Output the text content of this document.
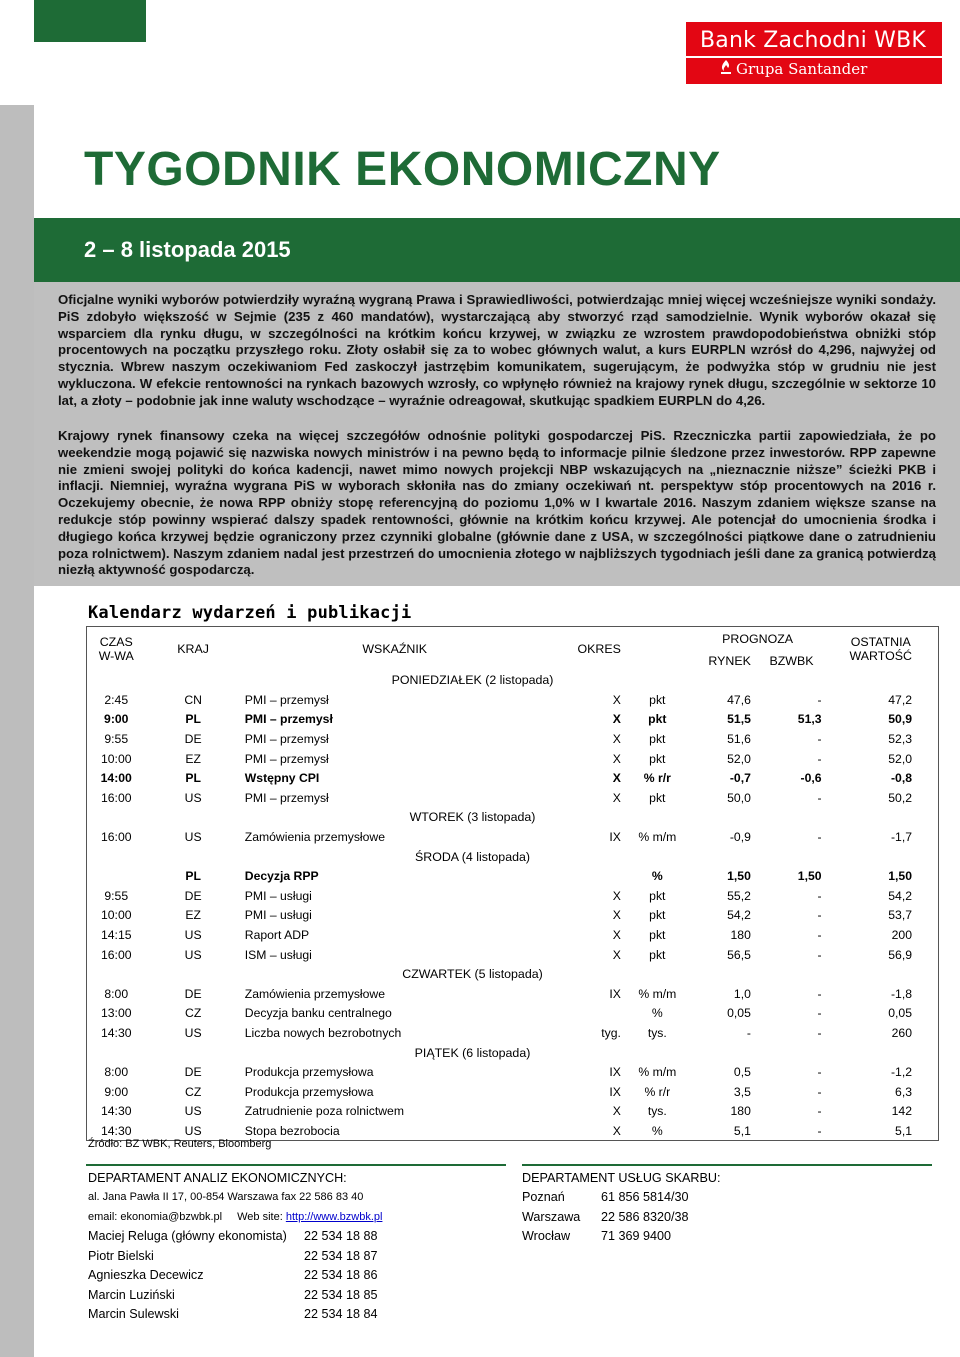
Bank Zachodni WBK
Grupa Santander
TYGODNIK EKONOMICZNY
2 – 8 listopada 2015

Oficjalne wyniki wyborów potwierdziły wyraźną wygraną Prawa i Sprawiedliwości, potwierdzając mniej więcej wcześniejsze wyniki sondaży. PiS zdobyło większość w Sejmie (235 z 460 mandatów), wystarczającą aby stworzyć rząd samodzielnie. Wynik wyborów okazał się wsparciem dla rynku długu, w szczególności na krótkim końcu krzywej, w związku ze wzrostem prawdopodobieństwa obniżki stóp procentowych na początku przyszłego roku. Złoty osłabił się za to wobec głównych walut, a kurs EURPLN wzrósł do 4,296, najwyżej od stycznia. Wbrew naszym oczekiwaniom Fed zaskoczył jastrzębim komunikatem, sugerującym, że podwyżka stóp w grudniu nie jest wykluczona. W efekcie rentowności na rynkach bazowych wzrosły, co wpłynęło również na krajowy rynek długu, szczególnie w sektorze 10 lat, a złoty – podobnie jak inne waluty wschodzące – wyraźnie odreagował, skutkując spadkiem EURPLN do 4,26.

Krajowy rynek finansowy czeka na więcej szczegółów odnośnie polityki gospodarczej PiS. Rzeczniczka partii zapowiedziała, że po weekendzie mogą pojawić się nazwiska nowych ministrów i na pewno będą to informacje pilnie śledzone przez inwestorów. RPP zapewne nie zmieni swojej polityki do końca kadencji, nawet mimo nowych projekcji NBP wskazujących na „nieznacznie niższe” ścieżki PKB i inflacji. Niemniej, wyraźna wygrana PiS w wyborach skłoniła nas do zmiany oczekiwań nt. perspektyw stóp procentowych na 2016 r. Oczekujemy obecnie, że nowa RPP obniży stopę referencyjną do poziomu 1,0% w I kwartale 2016. Naszym zdaniem większe szanse na redukcje stóp powinny wspierać dalszy spadek rentowności, głównie na krótkim końcu krzywej. Ale potencjał do umocnienia środka i długiego końca krzywej będzie ograniczony przez czynniki globalne (głównie dane z USA, w szczególności piątkowe dane o zatrudnieniu poza rolnictwem). Naszym zdaniem nadal jest przestrzeń do umocnienia złotego w najbliższych tygodniach jeśli dane za granicą potwierdzą niezłą aktywność gospodarczą.

Kalendarz wydarzeń i publikacji
CZAS W-WA	KRAJ	WSKAŹNIK	OKRES		PROGNOZA		OSTATNIA WARTOŚĆ
					RYNEK	BZWBK	
PONIEDZIAŁEK (2 listopada)							
2:45	CN	PMI – przemysł	X	pkt	47,6	-	47,2
9:00	PL	PMI – przemysł	X	pkt	51,5	51,3	50,9
9:55	DE	PMI – przemysł	X	pkt	51,6	-	52,3
10:00	EZ	PMI – przemysł	X	pkt	52,0	-	52,0
14:00	PL	Wstępny CPI	X	% r/r	-0,7	-0,6	-0,8
16:00	US	PMI – przemysł	X	pkt	50,0	-	50,2
WTOREK (3 listopada)							
16:00	US	Zamówienia przemysłowe	IX	% m/m	-0,9	-	-1,7
ŚRODA (4 listopada)							
	PL	Decyzja RPP		%	1,50	1,50	1,50
9:55	DE	PMI – usługi	X	pkt	55,2	-	54,2
10:00	EZ	PMI – usługi	X	pkt	54,2	-	53,7
14:15	US	Raport ADP	X	pkt	180	-	200
16:00	US	ISM – usługi	X	pkt	56,5	-	56,9
CZWARTEK (5 listopada)							
8:00	DE	Zamówienia przemysłowe	IX	% m/m	1,0	-	-1,8
13:00	CZ	Decyzja banku centralnego		%	0,05	-	0,05
14:30	US	Liczba nowych bezrobotnych	tyg.	tys.	-	-	260
PIĄTEK (6 listopada)							
8:00	DE	Produkcja przemysłowa	IX	% m/m	0,5	-	-1,2
9:00	CZ	Produkcja przemysłowa	IX	% r/r	3,5	-	6,3
14:30	US	Zatrudnienie poza rolnictwem	X	tys.	180	-	142
14:30	US	Stopa bezrobocia	X	%	5,1	-	5,1
Źródło: BZ WBK, Reuters, Bloomberg
DEPARTAMENT ANALIZ EKONOMICZNYCH:
al. Jana Pawła II 17, 00-854 Warszawa fax 22 586 83 40
email: ekonomia@bzwbk.pl Web site: http://www.bzwbk.pl
Maciej Reluga (główny ekonomista) 22 534 18 88
Piotr Bielski	22 534 18 87
Agnieszka Decewicz	22 534 18 86
Marcin Luziński	22 534 18 85
Marcin Sulewski	22 534 18 84
DEPARTAMENT USŁUG SKARBU:
Poznań	61 856 5814/30
Warszawa 22 586 8320/38
Wrocław 71 369 9400
